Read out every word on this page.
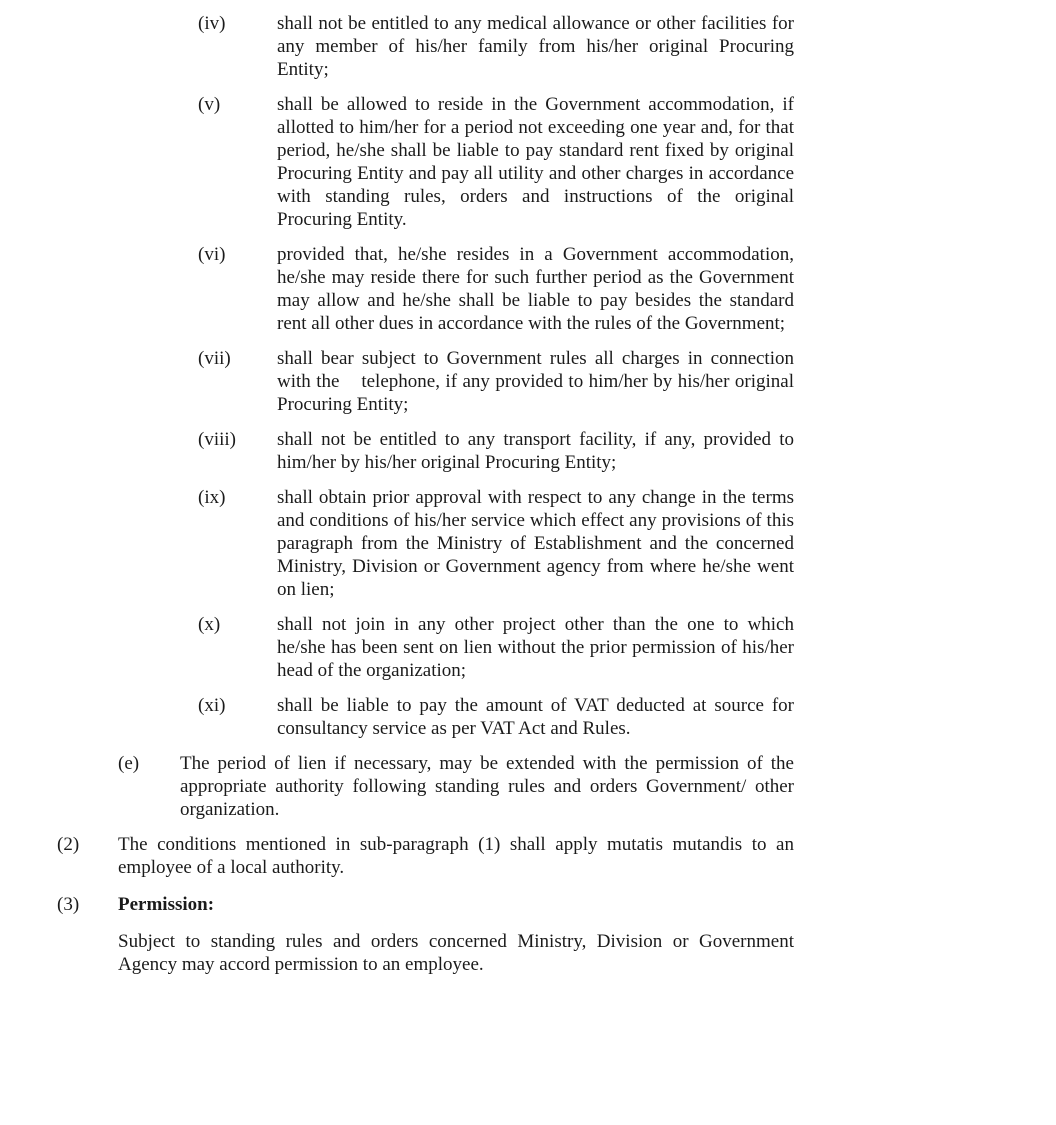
(iv)	shall not be entitled to any medical allowance or other facilities for any member of his/her family from his/her original Procuring Entity;
(v)	shall be allowed to reside in the Government accommodation, if allotted to him/her for a period not exceeding one year and, for that period, he/she shall be liable to pay standard rent fixed by original Procuring Entity and pay all utility and other charges in accordance with standing rules, orders and instructions of the original Procuring Entity.
(vi)	provided that, he/she resides in a Government accommodation, he/she may reside there for such further period as the Government may allow and he/she shall be liable to pay besides the standard rent all other dues in accordance with the rules of the Government;
(vii)	shall bear subject to Government rules all charges in connection with the    telephone, if any provided to him/her by his/her original Procuring Entity;
(viii)	shall not be entitled to any transport facility, if any, provided to him/her by his/her original Procuring Entity;
(ix)	shall obtain prior approval with respect to any change in the terms and conditions of his/her service which effect any provisions of this paragraph from the Ministry of Establishment and the concerned Ministry, Division or Government agency from where he/she went on lien;
(x)	shall not join in any other project other than the one to which he/she has been sent on lien without the prior permission of his/her head of the organization;
(xi)	shall be liable to pay the amount of VAT deducted at source for consultancy service as per VAT Act and Rules.
(e)	The period of lien if necessary, may be extended with the permission of the appropriate authority following standing rules and orders Government/ other organization.
(2)	The conditions mentioned in sub-paragraph (1) shall apply mutatis mutandis to an employee of a local authority.
(3)	Permission:
Subject to standing rules and orders concerned Ministry, Division or Government Agency may accord permission to an employee.
